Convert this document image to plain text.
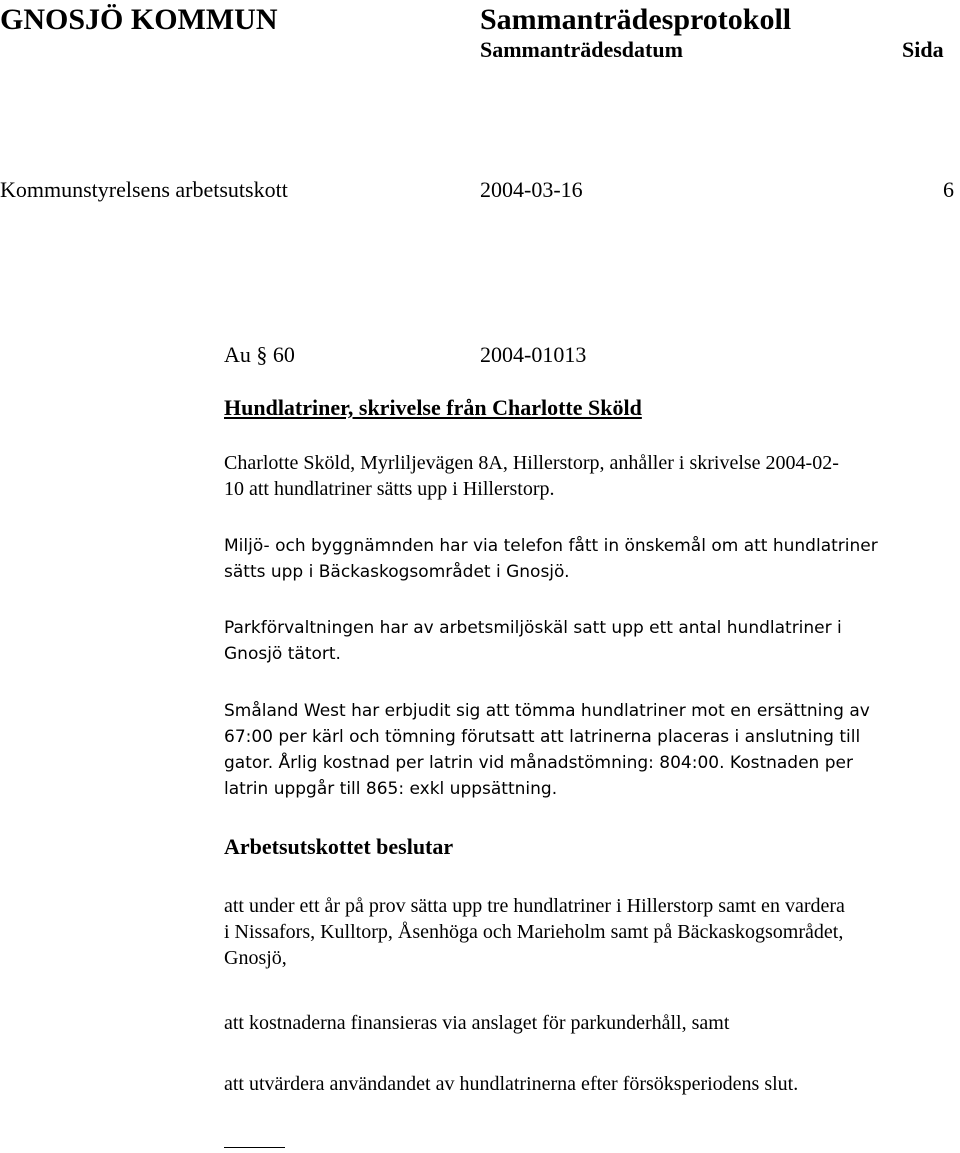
GNOSJÖ KOMMUN	Sammanträdesprotokoll
Sammanträdesdatum	Sida
Kommunstyrelsens arbetsutskott	2004-03-16	6
Au § 60	2004-01013
Hundlatriner, skrivelse från Charlotte Sköld

Charlotte Sköld, Myrliljevägen 8A, Hillerstorp, anhåller i skrivelse 2004-02-
10 att hundlatriner sätts upp i Hillerstorp.

Miljö- och byggnämnden har via telefon fått in önskemål om att hundlatriner
sätts upp i Bäckaskogsområdet i Gnosjö.

Parkförvaltningen har av arbetsmiljöskäl satt upp ett antal hundlatriner i
Gnosjö tätort.

Småland West har erbjudit sig att tömma hundlatriner mot en ersättning av
67:00 per kärl och tömning förutsatt att latrinerna placeras i anslutning till
gator. Årlig kostnad per latrin vid månadstömning: 804:00. Kostnaden per
latrin uppgår till 865: exkl uppsättning.

Arbetsutskottet beslutar

att under ett år på prov sätta upp tre hundlatriner i Hillerstorp samt en vardera
i Nissafors, Kulltorp, Åsenhöga och Marieholm samt på Bäckaskogsområdet,
Gnosjö,

att kostnaderna finansieras via anslaget för parkunderhåll, samt

att utvärdera användandet av hundlatrinerna efter försöksperiodens slut.
